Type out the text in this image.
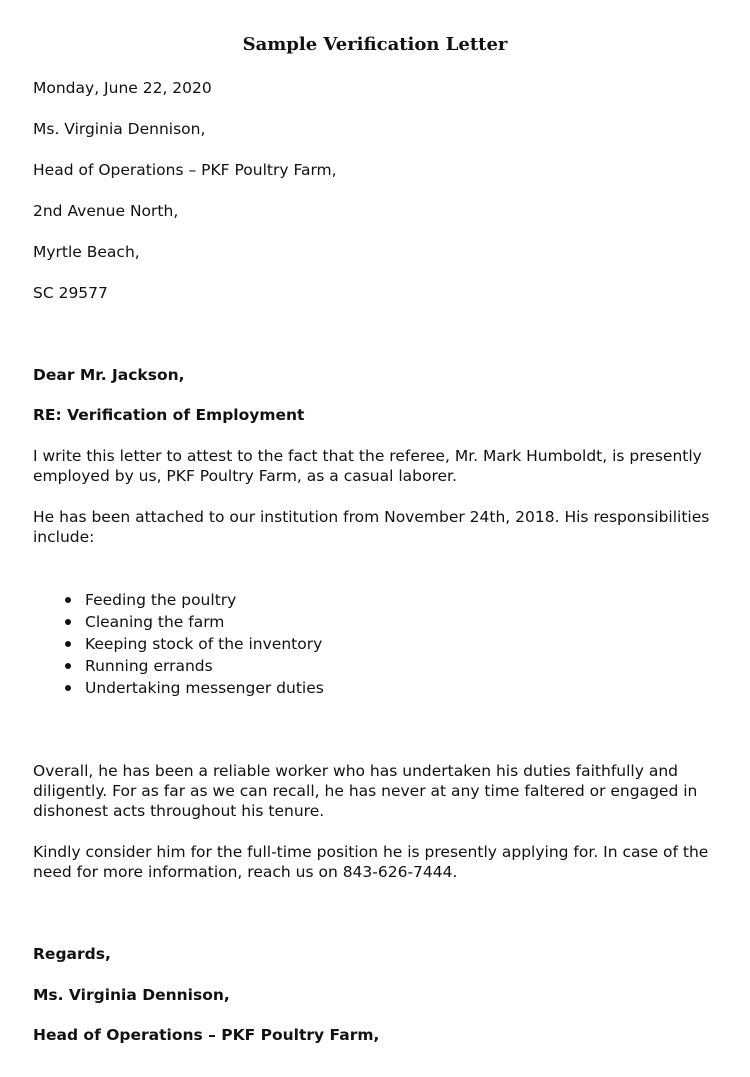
Sample Verification Letter
Monday, June 22, 2020
Ms. Virginia Dennison,
Head of Operations – PKF Poultry Farm,
2nd Avenue North,
Myrtle Beach,
SC 29577
Dear Mr. Jackson,
RE: Verification of Employment
I write this letter to attest to the fact that the referee, Mr. Mark Humboldt, is presently employed by us, PKF Poultry Farm, as a casual laborer.
He has been attached to our institution from November 24th, 2018. His responsibilities include:
Feeding the poultry
Cleaning the farm
Keeping stock of the inventory
Running errands
Undertaking messenger duties
Overall, he has been a reliable worker who has undertaken his duties faithfully and diligently. For as far as we can recall, he has never at any time faltered or engaged in dishonest acts throughout his tenure.
Kindly consider him for the full-time position he is presently applying for. In case of the need for more information, reach us on 843-626-7444.
Regards,
Ms. Virginia Dennison,
Head of Operations – PKF Poultry Farm,
